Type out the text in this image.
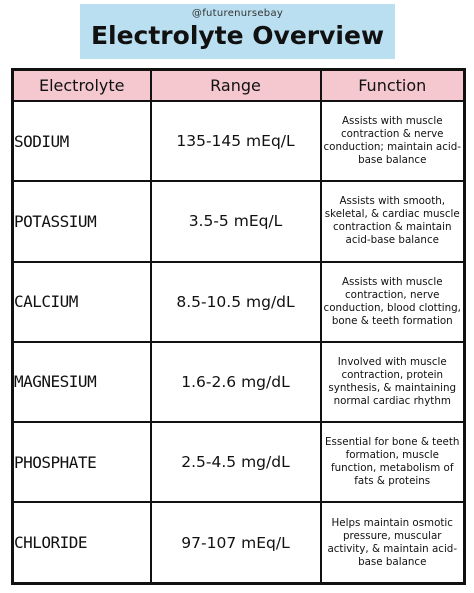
@futurenursebay
Electrolyte Overview
Electrolyte	Range	Function
SODIUM	135-145 mEq/L	Assists with muscle contraction & nerve conduction; maintain acid-base balance
POTASSIUM	3.5-5 mEq/L	Assists with smooth, skeletal, & cardiac muscle contraction & maintain acid-base balance
CALCIUM	8.5-10.5 mg/dL	Assists with muscle contraction, nerve conduction, blood clotting, bone & teeth formation
MAGNESIUM	1.6-2.6 mg/dL	Involved with muscle contraction, protein synthesis, & maintaining normal cardiac rhythm
PHOSPHATE	2.5-4.5 mg/dL	Essential for bone & teeth formation, muscle function, metabolism of fats & proteins
CHLORIDE	97-107 mEq/L	Helps maintain osmotic pressure, muscular activity, & maintain acid-base balance
